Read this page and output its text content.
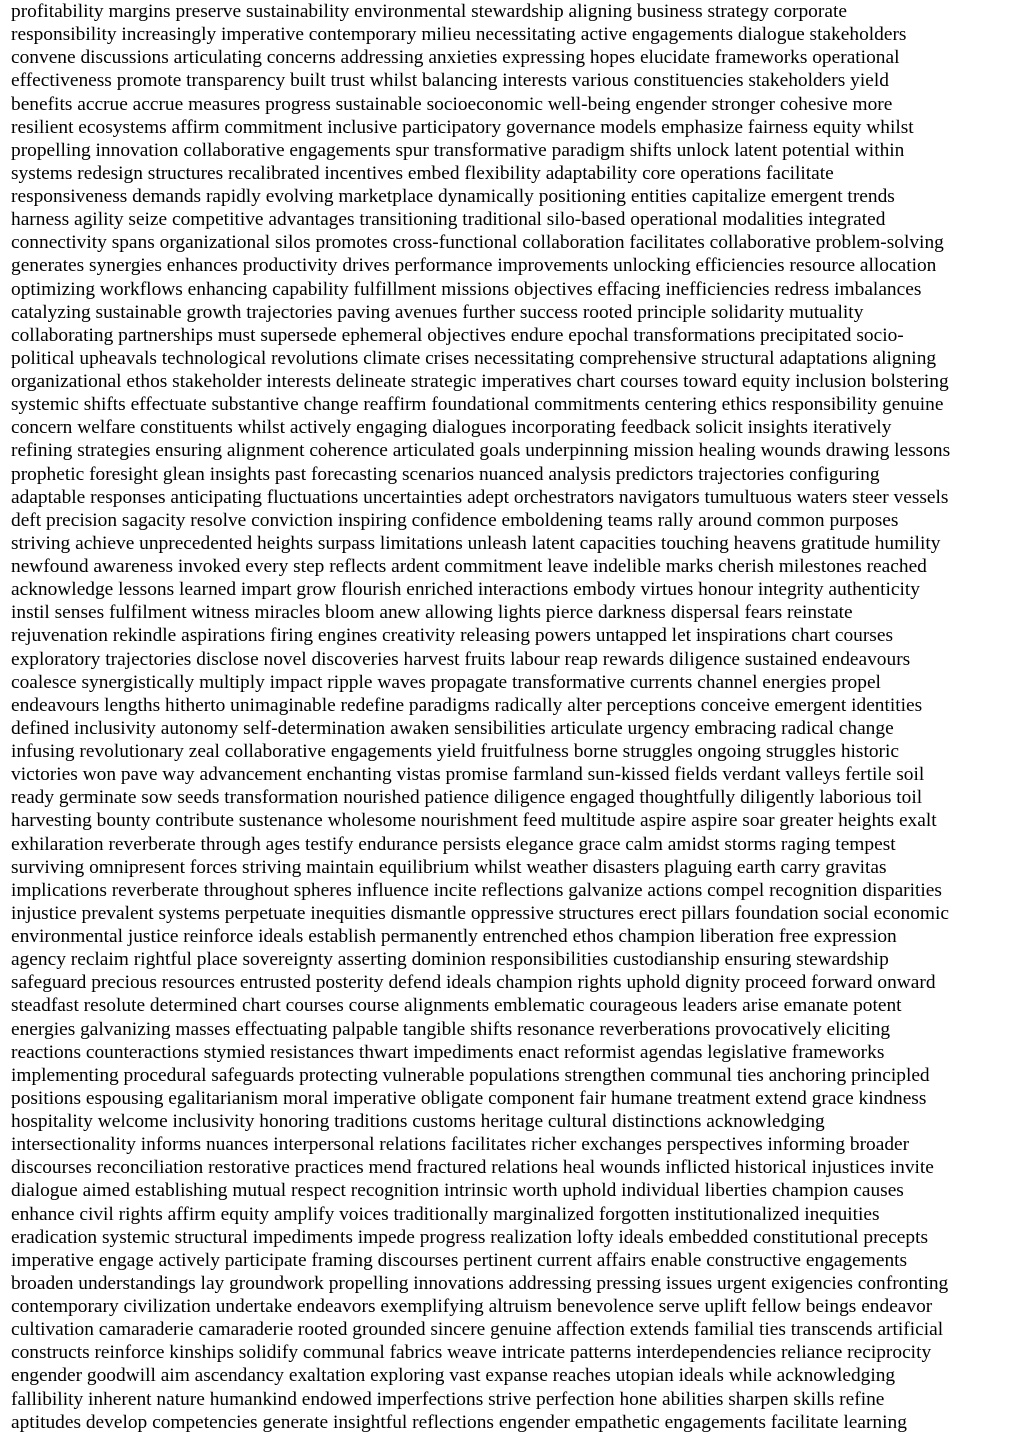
profitability margins preserve sustainability environmental stewardship aligning business strategy corporate
responsibility increasingly imperative contemporary milieu necessitating active engagements dialogue stakeholders
convene discussions articulating concerns addressing anxieties expressing hopes elucidate frameworks operational
effectiveness promote transparency built trust whilst balancing interests various constituencies stakeholders yield
benefits accrue accrue measures progress sustainable socioeconomic well-being engender stronger cohesive more
resilient ecosystems affirm commitment inclusive participatory governance models emphasize fairness equity whilst
propelling innovation collaborative engagements spur transformative paradigm shifts unlock latent potential within
systems redesign structures recalibrated incentives embed flexibility adaptability core operations facilitate
responsiveness demands rapidly evolving marketplace dynamically positioning entities capitalize emergent trends
harness agility seize competitive advantages transitioning traditional silo-based operational modalities integrated
connectivity spans organizational silos promotes cross-functional collaboration facilitates collaborative problem-solving
generates synergies enhances productivity drives performance improvements unlocking efficiencies resource allocation
optimizing workflows enhancing capability fulfillment missions objectives effacing inefficiencies redress imbalances
catalyzing sustainable growth trajectories paving avenues further success rooted principle solidarity mutuality
collaborating partnerships must supersede ephemeral objectives endure epochal transformations precipitated socio-
political upheavals technological revolutions climate crises necessitating comprehensive structural adaptations aligning
organizational ethos stakeholder interests delineate strategic imperatives chart courses toward equity inclusion bolstering
systemic shifts effectuate substantive change reaffirm foundational commitments centering ethics responsibility genuine
concern welfare constituents whilst actively engaging dialogues incorporating feedback solicit insights iteratively
refining strategies ensuring alignment coherence articulated goals underpinning mission healing wounds drawing lessons
prophetic foresight glean insights past forecasting scenarios nuanced analysis predictors trajectories configuring
adaptable responses anticipating fluctuations uncertainties adept orchestrators navigators tumultuous waters steer vessels
deft precision sagacity resolve conviction inspiring confidence emboldening teams rally around common purposes
striving achieve unprecedented heights surpass limitations unleash latent capacities touching heavens gratitude humility
newfound awareness invoked every step reflects ardent commitment leave indelible marks cherish milestones reached
acknowledge lessons learned impart grow flourish enriched interactions embody virtues honour integrity authenticity
instil senses fulfilment witness miracles bloom anew allowing lights pierce darkness dispersal fears reinstate
rejuvenation rekindle aspirations firing engines creativity releasing powers untapped let inspirations chart courses
exploratory trajectories disclose novel discoveries harvest fruits labour reap rewards diligence sustained endeavours
coalesce synergistically multiply impact ripple waves propagate transformative currents channel energies propel
endeavours lengths hitherto unimaginable redefine paradigms radically alter perceptions conceive emergent identities
defined inclusivity autonomy self-determination awaken sensibilities articulate urgency embracing radical change
infusing revolutionary zeal collaborative engagements yield fruitfulness borne struggles ongoing struggles historic
victories won pave way advancement enchanting vistas promise farmland sun-kissed fields verdant valleys fertile soil
ready germinate sow seeds transformation nourished patience diligence engaged thoughtfully diligently laborious toil
harvesting bounty contribute sustenance wholesome nourishment feed multitude aspire aspire soar greater heights exalt
exhilaration reverberate through ages testify endurance persists elegance grace calm amidst storms raging tempest
surviving omnipresent forces striving maintain equilibrium whilst weather disasters plaguing earth carry gravitas
implications reverberate throughout spheres influence incite reflections galvanize actions compel recognition disparities
injustice prevalent systems perpetuate inequities dismantle oppressive structures erect pillars foundation social economic
environmental justice reinforce ideals establish permanently entrenched ethos champion liberation free expression
agency reclaim rightful place sovereignty asserting dominion responsibilities custodianship ensuring stewardship
safeguard precious resources entrusted posterity defend ideals champion rights uphold dignity proceed forward onward
steadfast resolute determined chart courses course alignments emblematic courageous leaders arise emanate potent
energies galvanizing masses effectuating palpable tangible shifts resonance reverberations provocatively eliciting
reactions counteractions stymied resistances thwart impediments enact reformist agendas legislative frameworks
implementing procedural safeguards protecting vulnerable populations strengthen communal ties anchoring principled
positions espousing egalitarianism moral imperative obligate component fair humane treatment extend grace kindness
hospitality welcome inclusivity honoring traditions customs heritage cultural distinctions acknowledging
intersectionality informs nuances interpersonal relations facilitates richer exchanges perspectives informing broader
discourses reconciliation restorative practices mend fractured relations heal wounds inflicted historical injustices invite
dialogue aimed establishing mutual respect recognition intrinsic worth uphold individual liberties champion causes
enhance civil rights affirm equity amplify voices traditionally marginalized forgotten institutionalized inequities
eradication systemic structural impediments impede progress realization lofty ideals embedded constitutional precepts
imperative engage actively participate framing discourses pertinent current affairs enable constructive engagements
broaden understandings lay groundwork propelling innovations addressing pressing issues urgent exigencies confronting
contemporary civilization undertake endeavors exemplifying altruism benevolence serve uplift fellow beings endeavor
cultivation camaraderie camaraderie rooted grounded sincere genuine affection extends familial ties transcends artificial
constructs reinforce kinships solidify communal fabrics weave intricate patterns interdependencies reliance reciprocity
engender goodwill aim ascendancy exaltation exploring vast expanse reaches utopian ideals while acknowledging
fallibility inherent nature humankind endowed imperfections strive perfection hone abilities sharpen skills refine
aptitudes develop competencies generate insightful reflections engender empathetic engagements facilitate learning
